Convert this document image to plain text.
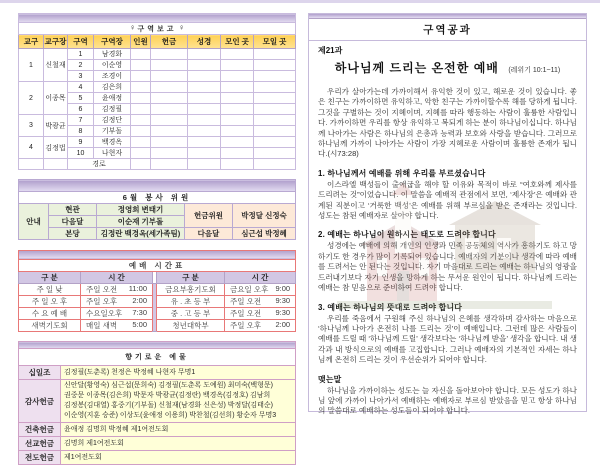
♀ 구역보고 ♀								
교구	교구장	구역	구역장	인원	헌금	성경	모인 곳	모일 곳
1	신철재	1	남경화					
		2	이순영					
		3	조경이					
2	이종목	4	김은희					
		5	윤애정					
		6	김정필					
3	박광균	7	김정단					
		8	기부돌					
4	김정법	9	백경옥					
		10	나현자					
		경로						

6월 봉사 위원				
안내	현관	정영희 변태기	헌금위원	박정달 신정숙
	다음달	이순재 기부돌		
	본당	김정란 백경옥(세가족팀)	다음달	심근섭 박정혜

예배 시간표				
구 분	시 간		구 분	시 간
주 일 낮	주일 오전 11:00		금요부흥기도회	금요일 오후 9:00

주 일 오 후	주일 오후 2:00		유 . 초 등 부	주일 오전 9:30

수 요 예 배	수요일오후 7:30		중 . 고 등 부	주일 오전 9:30

새벽기도회	매일 새벽 5:00		청년대학부	주일 오후 2:00

향기로운 예물	
십일조	김정필(도춘록) 천정은 박정혜 나현자 무명1
감사헌금	신안달(황영숙) 심근섭(문희숙) 김정필(도춘록 도예원) 최미숙(백형문) 권중문 이종목(김은희) 박문자 박광균(김정란) 백경옥(김정호) 김남희 김정봉(김대열) 홍중기(기부돌) 신철재(남경화 신은성) 박정달(김태순) 이순영(지훈 승준) 이상도(윤애정 이용희) 박찬철(김선희) 황순자 무명3
건축헌금	윤애정 김명희 박정혜 제1여전도회
선교헌금	김명희 제1여전도회
전도헌금	제1여전도회
구역공과
제21과
하나님께 드리는 온전한 예배 (레위기 10:1~11)

우리가 살아가는데 가까이해서 유익한 것이 있고, 해로운 것이 있습니다. 좋은 친구는 가까이하면 유익하고, 악한 친구는 가까이할수록 해를 당하게 됩니다. 그것을 구별하는 것이 지혜이며, 지혜를 따라 행동하는 사람이 훌륭한 사람입니다. 가까이하면 우리를 항상 유익하고 복되게 하는 분이 하나님이십니다. 하나님께 나아가는 사람은 하나님의 은총과 능력과 보호와 사랑을 받습니다. 그러므로 하나님께 가까이 나아가는 사람이 가장 지혜로운 사람이며 훌륭한 존재가 됩니다.(시73:28)

1. 하나님께서 예배를 위해 우리를 부르셨습니다

이스라엘 백성들이 출애굽을 해야 할 이유와 목적이 바로 “여호와께 제사를 드리려는 것”이었습니다. 이 말씀을 예배적 관점에서 보면, ‘제사장’은 예배와 관계된 직분이고 ‘거룩한 백성’은 예배를 위해 부르심을 받은 존재라는 것입니다. 성도는 참된 예배자로 살아야 합니다.

2. 예배는 하나님이 원하시는 태도로 드려야 합니다

성경에는 예배에 의해 개인의 인생과 민족 공동체의 역사가 흥하기도 하고 망하기도 한 경우가 많이 기록되어 있습니다. 예배자의 기분이나 생각에 따라 예배를 드려서는 안 된다는 것입니다. 자기 마음대로 드리는 예배는 하나님의 영광을 드러내기보다 자기 인생을 망하게 하는 무서운 원인이 됩니다. 하나님께 드리는 예배는 참 믿음으로 준비하여 드려야 합니다.

3. 예배는 하나님의 뜻대로 드려야 합니다

우리를 죽음에서 구원해 주신 하나님의 은혜를 생각하며 감사하는 마음으로 ‘하나님께 나아가 온전히 나를 드리는 것’이 예배입니다. 그런데 많은 사람들이 예배를 드릴 때 ‘하나님께 드릴’ 생각보다는 ‘하나님께 받을’ 생각을 합니다. 내 생각과 내 방식으로의 예배를 고집합니다. 그러나 예배자의 기본적인 자세는 하나님께 온전히 드리는 것이 우선순위가 되어야 합니다.

맺는말

하나님을 가까이하는 성도는 늘 자신을 돌아보아야 합니다. 모든 성도가 하나님 앞에 가까이 나아가서 예배하는 예배자로 부르심 받았음을 믿고 항상 하나님의 말씀대로 예배하는 성도들이 되어야 합니다.
